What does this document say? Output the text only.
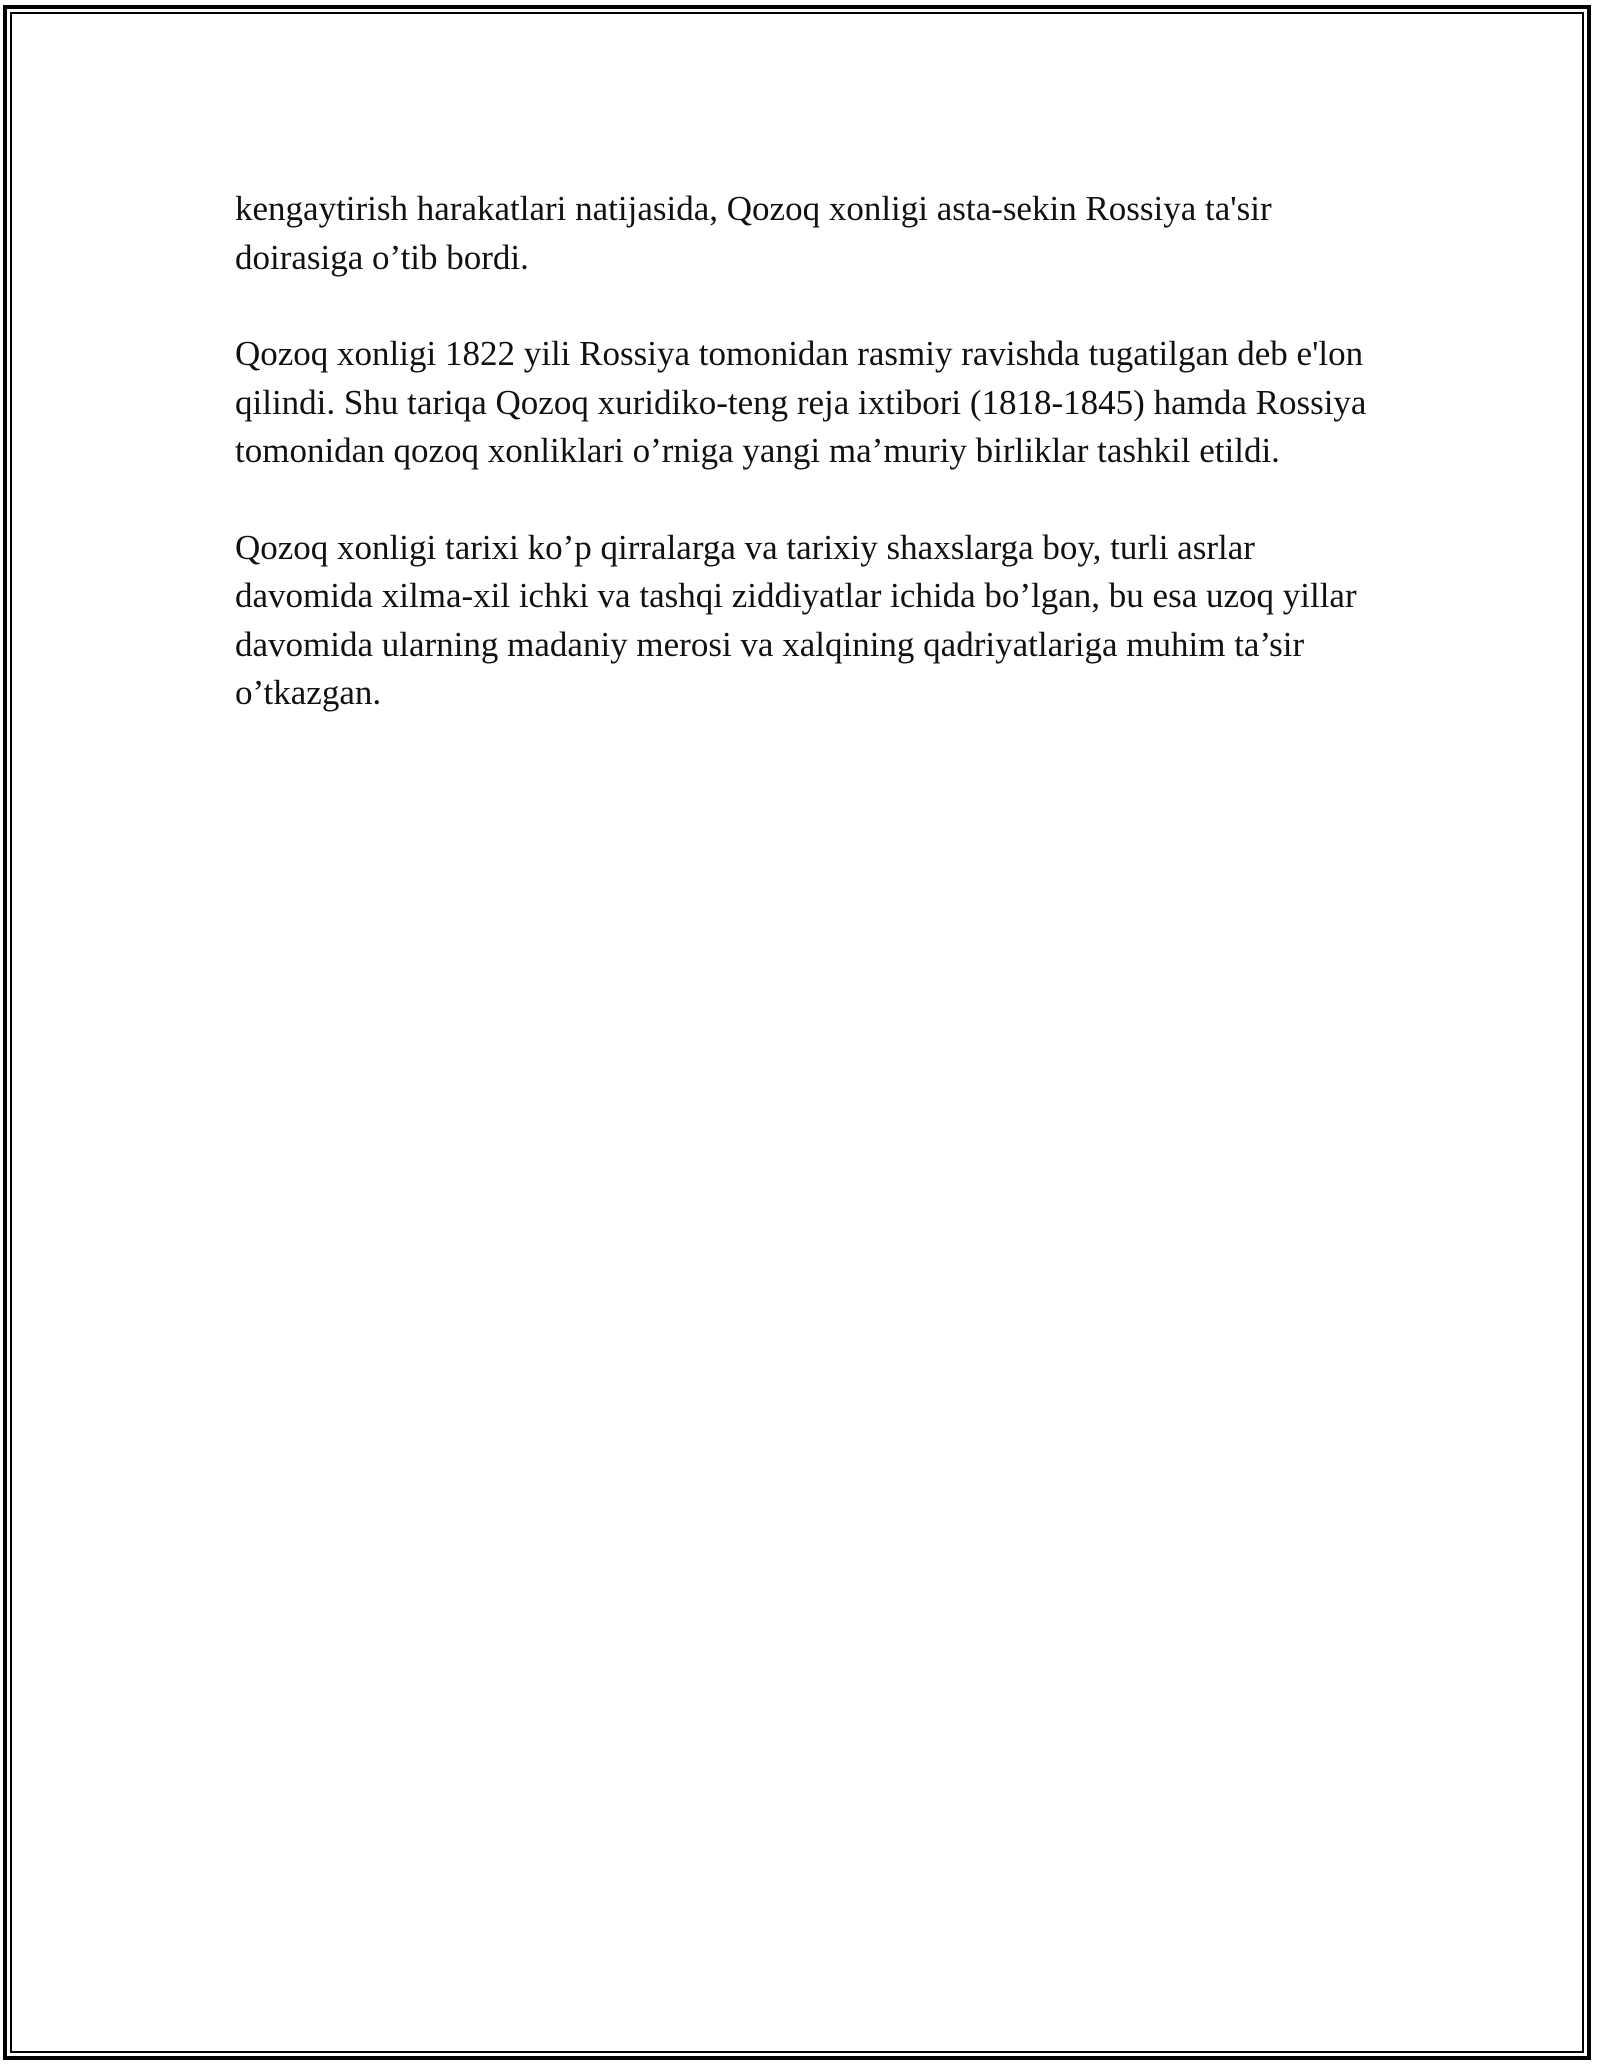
kengaytirish harakatlari natijasida, Qozoq xonligi asta-sekin Rossiya ta'sir doirasiga o’tib bordi.

Qozoq xonligi 1822 yili Rossiya tomonidan rasmiy ravishda tugatilgan deb e'lon qilindi. Shu tariqa Qozoq xuridiko-teng reja ixtibori (1818-1845) hamda Rossiya tomonidan qozoq xonliklari o’rniga yangi ma’muriy birliklar tashkil etildi.

Qozoq xonligi tarixi ko’p qirralarga va tarixiy shaxslarga boy, turli asrlar davomida xilma-xil ichki va tashqi ziddiyatlar ichida bo’lgan, bu esa uzoq yillar davomida ularning madaniy merosi va xalqining qadriyatlariga muhim ta’sir o’tkazgan.
